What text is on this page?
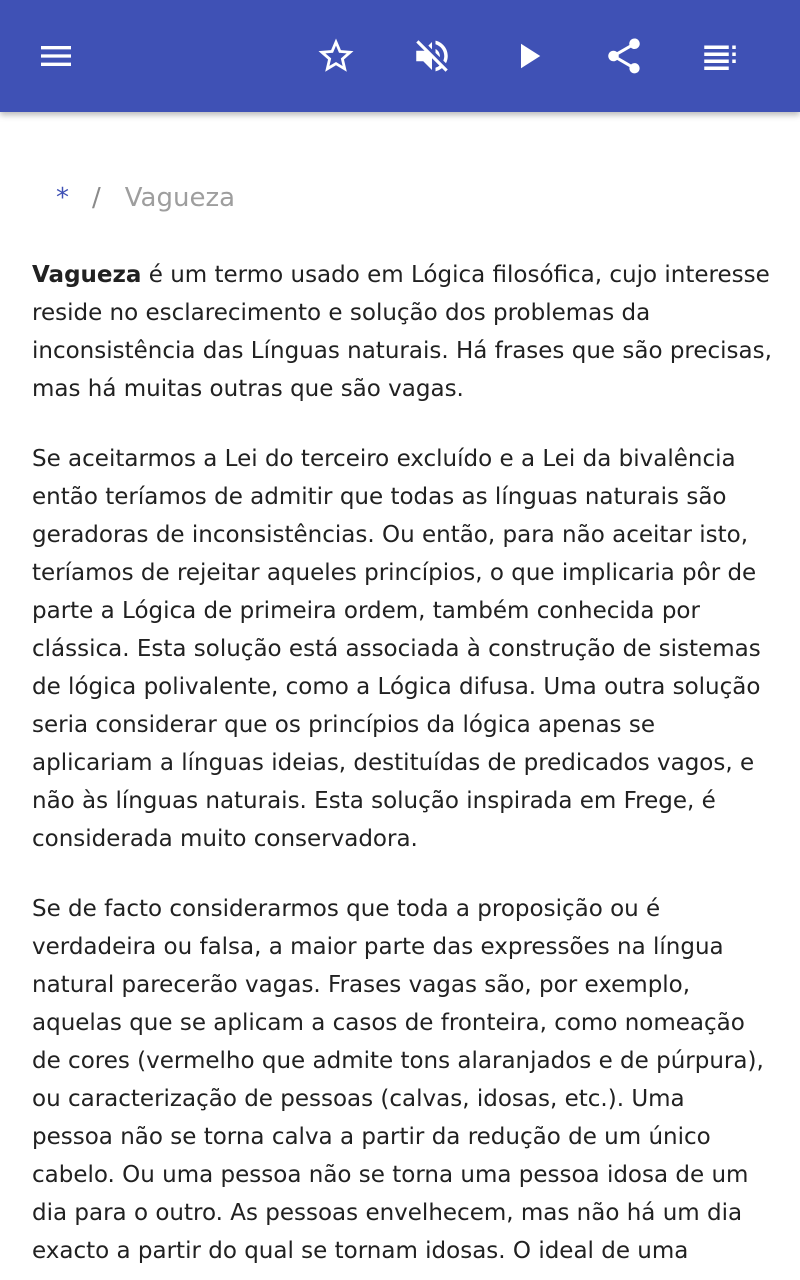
* / Vagueza

Vagueza é um termo usado em Lógica filosófica, cujo interesse reside no esclarecimento e solução dos problemas da inconsistência das Línguas naturais. Há frases que são precisas, mas há muitas outras que são vagas.

Se aceitarmos a Lei do terceiro excluído e a Lei da bivalência então teríamos de admitir que todas as línguas naturais são geradoras de inconsistências. Ou então, para não aceitar isto, teríamos de rejeitar aqueles princípios, o que implicaria pôr de parte a Lógica de primeira ordem, também conhecida por clássica. Esta solução está associada à construção de sistemas de lógica polivalente, como a Lógica difusa. Uma outra solução seria considerar que os princípios da lógica apenas se aplicariam a línguas ideias, destituídas de predicados vagos, e não às línguas naturais. Esta solução inspirada em Frege, é considerada muito conservadora.

Se de facto considerarmos que toda a proposição ou é verdadeira ou falsa, a maior parte das expressões na língua natural parecerão vagas. Frases vagas são, por exemplo, aquelas que se aplicam a casos de fronteira, como nomeação de cores (vermelho que admite tons alaranjados e de púrpura), ou caracterização de pessoas (calvas, idosas, etc.). Uma pessoa não se torna calva a partir da redução de um único cabelo. Ou uma pessoa não se torna uma pessoa idosa de um dia para o outro. As pessoas envelhecem, mas não há um dia exacto a partir do qual se tornam idosas. O ideal de uma
